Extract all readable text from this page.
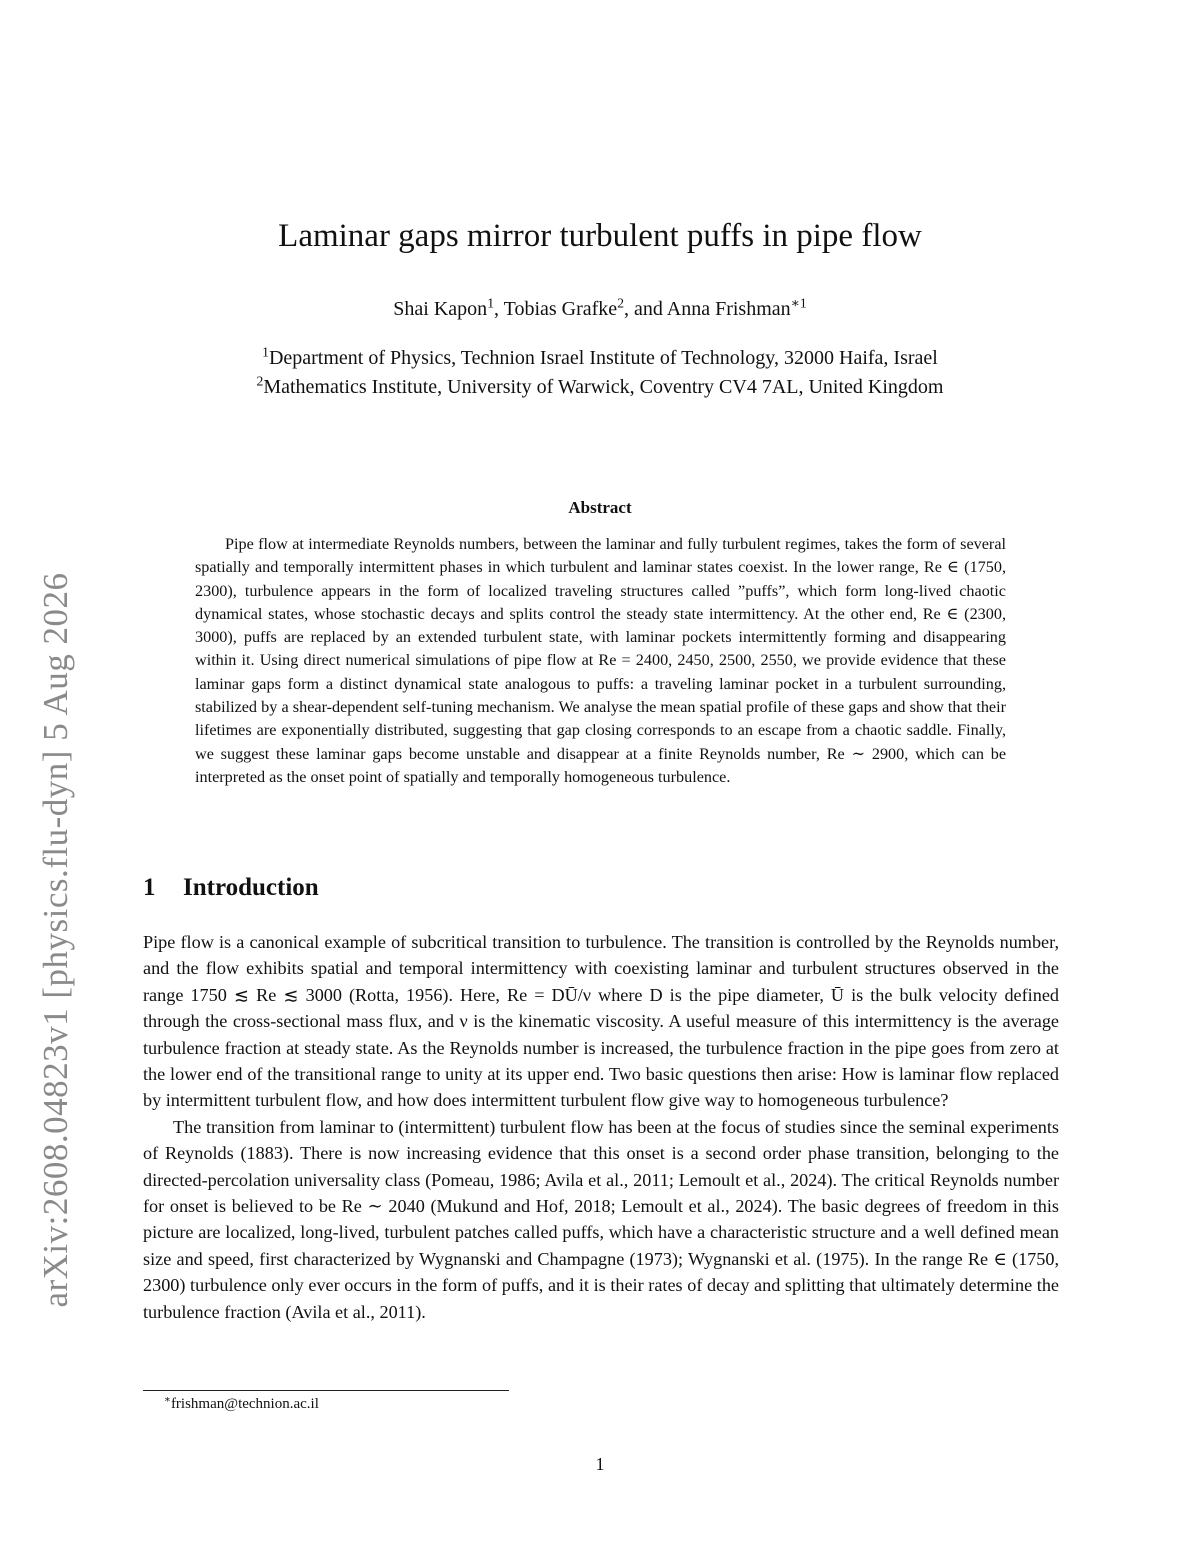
arXiv:2608.04823v1 [physics.flu-dyn] 5 Aug 2026
Laminar gaps mirror turbulent puffs in pipe flow
Shai Kapon$^1$, Tobias Grafke$^2$, and Anna Frishman$^{∗1}$
$^1$Department of Physics, Technion Israel Institute of Technology, 32000 Haifa, Israel
$^2$Mathematics Institute, University of Warwick, Coventry CV4 7AL, United Kingdom
Abstract

Pipe flow at intermediate Reynolds numbers, between the laminar and fully turbulent regimes, takes the form of several spatially and temporally intermittent phases in which turbulent and laminar states coexist. In the lower range, Re ∈ (1750, 2300), turbulence appears in the form of localized traveling structures called ”puffs”, which form long-lived chaotic dynamical states, whose stochastic decays and splits control the steady state intermittency. At the other end, Re ∈ (2300, 3000), puffs are replaced by an extended turbulent state, with laminar pockets intermittently forming and disappearing within it. Using direct numerical simulations of pipe flow at Re = 2400, 2450, 2500, 2550, we provide evidence that these laminar gaps form a distinct dynamical state analogous to puffs: a traveling laminar pocket in a turbulent surrounding, stabilized by a shear-dependent self-tuning mechanism. We analyse the mean spatial profile of these gaps and show that their lifetimes are exponentially distributed, suggesting that gap closing corresponds to an escape from a chaotic saddle. Finally, we suggest these laminar gaps become unstable and disappear at a finite Reynolds number, Re ∼ 2900, which can be interpreted as the onset point of spatially and temporally homogeneous turbulence.

1 Introduction

Pipe flow is a canonical example of subcritical transition to turbulence. The transition is controlled by the Reynolds number, and the flow exhibits spatial and temporal intermittency with coexisting laminar and turbulent structures observed in the range 1750 ≲ Re ≲ 3000 (Rotta, 1956). Here, Re = DŪ/ν where D is the pipe diameter, Ū is the bulk velocity defined through the cross-sectional mass flux, and ν is the kinematic viscosity. A useful measure of this intermittency is the average turbulence fraction at steady state. As the Reynolds number is increased, the turbulence fraction in the pipe goes from zero at the lower end of the transitional range to unity at its upper end. Two basic questions then arise: How is laminar flow replaced by intermittent turbulent flow, and how does intermittent turbulent flow give way to homogeneous turbulence?

The transition from laminar to (intermittent) turbulent flow has been at the focus of studies since the seminal experiments of Reynolds (1883). There is now increasing evidence that this onset is a second order phase transition, belonging to the directed-percolation universality class (Pomeau, 1986; Avila et al., 2011; Lemoult et al., 2024). The critical Reynolds number for onset is believed to be Re ∼ 2040 (Mukund and Hof, 2018; Lemoult et al., 2024). The basic degrees of freedom in this picture are localized, long-lived, turbulent patches called puffs, which have a characteristic structure and a well defined mean size and speed, first characterized by Wygnanski and Champagne (1973); Wygnanski et al. (1975). In the range Re ∈ (1750, 2300) turbulence only ever occurs in the form of puffs, and it is their rates of decay and splitting that ultimately determine the turbulence fraction (Avila et al., 2011).

∗frishman@technion.ac.il
1
